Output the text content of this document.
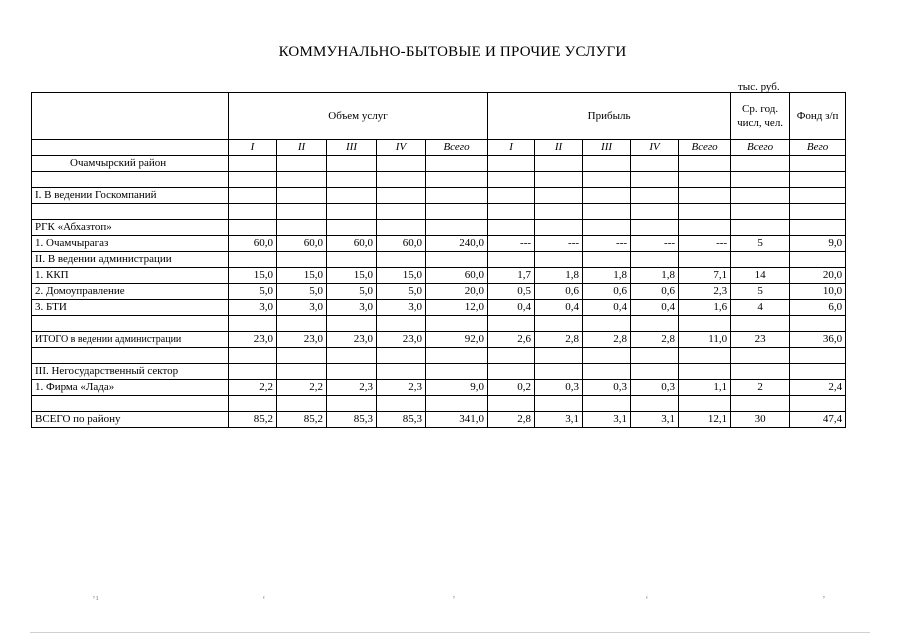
КОММУНАЛЬНО-БЫТОВЫЕ И ПРОЧИЕ УСЛУГИ
тыс. руб.
	Объем услуг					Прибыль					Ср. год. числ, чел.	Фонд з/п
	I	II	III	IV	Всего	I	II	III	IV	Всего	Всего	Вего
Очамчырский район												

I. В ведении Госкомпаний												

РГК «Абхазтоп»												
1. Очамчырагаз	60,0	60,0	60,0	60,0	240,0	---	---	---	---	---	5	9,0
II. В ведении администрации												
1. ККП	15,0	15,0	15,0	15,0	60,0	1,7	1,8	1,8	1,8	7,1	14	20,0
2. Домоуправление	5,0	5,0	5,0	5,0	20,0	0,5	0,6	0,6	0,6	2,3	5	10,0
3. БТИ	3,0	3,0	3,0	3,0	12,0	0,4	0,4	0,4	0,4	1,6	4	6,0

ИТОГО в ведении администрации	23,0	23,0	23,0	23,0	92,0	2,6	2,8	2,8	2,8	11,0	23	36,0

III. Негосударственный сектор												
1. Фирма «Лада»	2,2	2,2	2,3	2,3	9,0	0,2	0,3	0,3	0,3	1,1	2	2,4

ВСЕГО по району	85,2	85,2	85,3	85,3	341,0	2,8	3,1	3,1	3,1	12,1	30	47,4
ʼ¹	ʻ	ʼ	ʻ	ʼ
